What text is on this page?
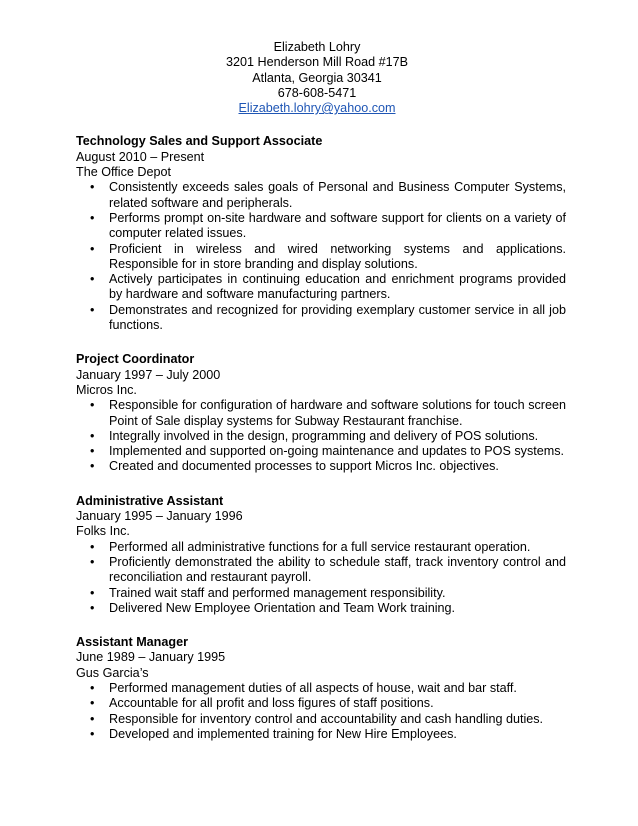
Elizabeth Lohry
3201 Henderson Mill Road #17B
Atlanta, Georgia 30341
678-608-5471
Elizabeth.lohry@yahoo.com
Technology Sales and Support Associate
August 2010 – Present
The Office Depot
•	Consistently exceeds sales goals of Personal and Business Computer Systems, related software and peripherals.
•	Performs prompt on-site hardware and software support for clients on a variety of computer related issues.
•	Proficient in wireless and wired networking systems and applications. Responsible for in store branding and display solutions.
•	Actively participates in continuing education and enrichment programs provided by hardware and software manufacturing partners.
•	Demonstrates and recognized for providing exemplary customer service in all job functions.
Project Coordinator
January 1997 – July 2000
Micros Inc.
•	Responsible for configuration of hardware and software solutions for touch screen Point of Sale display systems for Subway Restaurant franchise.
•	Integrally involved in the design, programming and delivery of POS solutions.
•	Implemented and supported on-going maintenance and updates to POS systems.
•	Created and documented processes to support Micros Inc. objectives.
Administrative Assistant
January 1995 – January 1996
Folks Inc.
•	Performed all administrative functions for a full service restaurant operation.
•	Proficiently demonstrated the ability to schedule staff, track inventory control and reconciliation and restaurant payroll.
•	Trained wait staff and performed management responsibility.
•	Delivered New Employee Orientation and Team Work training.
Assistant Manager
June 1989 – January 1995
Gus Garcia’s
•	Performed management duties of all aspects of house, wait and bar staff.
•	Accountable for all profit and loss figures of staff positions.
•	Responsible for inventory control and accountability and cash handling duties.
•	Developed and implemented training for New Hire Employees.
